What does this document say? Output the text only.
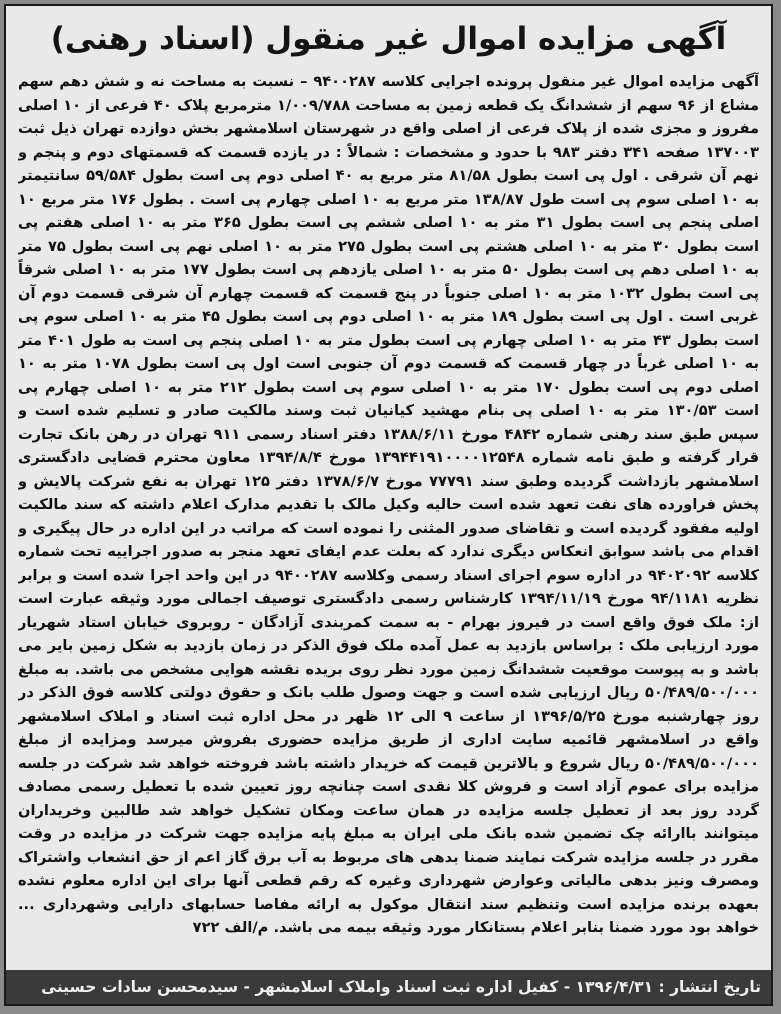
آگهی مزایده اموال غیر منقول (اسناد رهنی)
آگهی مزایده اموال غیر منقول پرونده اجرایی کلاسه ۹۴۰۰۲۸۷ – نسبت به مساحت نه و شش دهم سهم مشاع از ۹۶ سهم از ششدانگ یک قطعه زمین به مساحت ۱/۰۰۹/۷۸۸ مترمربع پلاک ۴۰ فرعی از ۱۰ اصلی مفروز و مجزی شده از پلاک فرعی از اصلی واقع در شهرستان اسلامشهر بخش دوازده تهران ذیل ثبت ۱۳۷۰۰۳ صفحه ۳۴۱ دفتر ۹۸۳ با حدود و مشخصات : شمالاً : در یازده قسمت که قسمتهای دوم و پنجم و نهم آن شرقی . اول پی است بطول ۸۱/۵۸ متر مربع به ۴۰ اصلی دوم پی است بطول ۵۹/۵۸۴ سانتیمتر به ۱۰ اصلی سوم پی است طول ۱۳۸/۸۷ متر مربع به ۱۰ اصلی چهارم پی است . بطول ۱۷۶ متر مربع ۱۰ اصلی پنجم پی است بطول ۳۱ متر به ۱۰ اصلی ششم پی است بطول ۳۶۵ متر به ۱۰ اصلی هفتم پی است بطول ۳۰ متر به ۱۰ اصلی هشتم پی است بطول ۲۷۵ متر به ۱۰ اصلی نهم پی است بطول ۷۵ متر به ۱۰ اصلی دهم پی است بطول ۵۰ متر به ۱۰ اصلی یازدهم پی است بطول ۱۷۷ متر به ۱۰ اصلی شرقاً پی است بطول ۱۰۳۲ متر به ۱۰ اصلی جنوباً در پنج قسمت که قسمت چهارم آن شرقی قسمت دوم آن غربی است . اول پی است بطول ۱۸۹ متر به ۱۰ اصلی دوم پی است بطول ۴۵ متر به ۱۰ اصلی سوم پی است بطول ۴۳ متر به ۱۰ اصلی چهارم پی است بطول متر به ۱۰ اصلی پنجم پی است به طول ۴۰۱ متر به ۱۰ اصلی غرباً در چهار قسمت که قسمت دوم آن جنوبی است اول پی است بطول ۱۰۷۸ متر به ۱۰ اصلی دوم پی است بطول ۱۷۰ متر به ۱۰ اصلی سوم پی است بطول ۲۱۲ متر به ۱۰ اصلی چهارم پی است ۱۳۰/۵۳ متر به ۱۰ اصلی پی بنام مهشید کیانیان ثبت وسند مالکیت صادر و تسلیم شده است و سپس طبق سند رهنی شماره ۴۸۴۲ مورخ ۱۳۸۸/۶/۱۱ دفتر اسناد رسمی ۹۱۱ تهران در رهن بانک تجارت قرار گرفته و طبق نامه شماره ۱۳۹۴۴۱۹۱۰۰۰۰۱۲۵۴۸ مورخ ۱۳۹۴/۸/۴ معاون محترم قضایی دادگستری اسلامشهر بازداشت گردیده وطبق سند ۷۷۷۹۱ مورخ ۱۳۷۸/۶/۷ دفتر ۱۲۵ تهران به نفع شرکت پالایش و پخش فراورده های نفت تعهد شده است حالیه وکیل مالک با تقدیم مدارک اعلام داشته که سند مالکیت اولیه مفقود گردیده است و تقاضای صدور المثنی را نموده است که مراتب در این اداره در حال پیگیری و اقدام می باشد سوابق انعکاس دیگری ندارد که بعلت عدم ایفای تعهد منجر به صدور اجراییه تحت شماره کلاسه ۹۴۰۲۰۹۲ در اداره سوم اجرای اسناد رسمی وکلاسه ۹۴۰۰۲۸۷ در این واحد اجرا شده است و برابر نظریه ۹۴/۱۱۸۱ مورخ ۱۳۹۴/۱۱/۱۹ کارشناس رسمی دادگستری توصیف اجمالی مورد وثیقه عبارت است از: ملک فوق واقع است در فیروز بهرام - به سمت کمربندی آزادگان - روبروی خیابان استاد شهریار مورد ارزیابی ملک : براساس بازدید به عمل آمده ملک فوق الذکر در زمان بازدید به شکل زمین بایر می باشد و به پیوست موقعیت ششدانگ زمین مورد نظر روی بریده نقشه هوایی مشخص می باشد. به مبلغ ۵۰/۴۸۹/۵۰۰/۰۰۰ ریال ارزیابی شده است و جهت وصول طلب بانک و حقوق دولتی کلاسه فوق الذکر در روز چهارشنبه مورخ ۱۳۹۶/۵/۲۵ از ساعت ۹ الی ۱۲ ظهر در محل اداره ثبت اسناد و املاک اسلامشهر واقع در اسلامشهر قائمیه سایت اداری از طریق مزایده حضوری بفروش میرسد ومزایده از مبلغ ۵۰/۴۸۹/۵۰۰/۰۰۰ ریال شروع و بالاترین قیمت که خریدار داشته باشد فروخته خواهد شد شرکت در جلسه مزایده برای عموم آزاد است و فروش کلا نقدی است چنانچه روز تعیین شده با تعطیل رسمی مصادف گردد روز بعد از تعطیل جلسه مزایده در همان ساعت ومکان تشکیل خواهد شد طالبین وخریداران میتوانند باارائه چک تضمین شده بانک ملی ایران به مبلغ پایه مزایده جهت شرکت در مزایده در وقت مقرر در جلسه مزایده شرکت نمایند ضمنا بدهی های مربوط به آب برق گاز اعم از حق انشعاب واشتراک ومصرف ونیز بدهی مالیاتی وعوارض شهرداری وغیره که رقم قطعی آنها برای این اداره معلوم نشده بعهده برنده مزایده است وتنظیم سند انتقال موکول به ارائه مفاصا حسابهای دارایی وشهرداری ... خواهد بود مورد ضمنا بنابر اعلام بستانکار مورد وثیقه بیمه می باشد. م/الف ۷۲۲
تاریخ انتشار : ۱۳۹۶/۴/۳۱ - کفیل اداره ثبت اسناد واملاک اسلامشهر - سیدمحسن سادات حسینی
